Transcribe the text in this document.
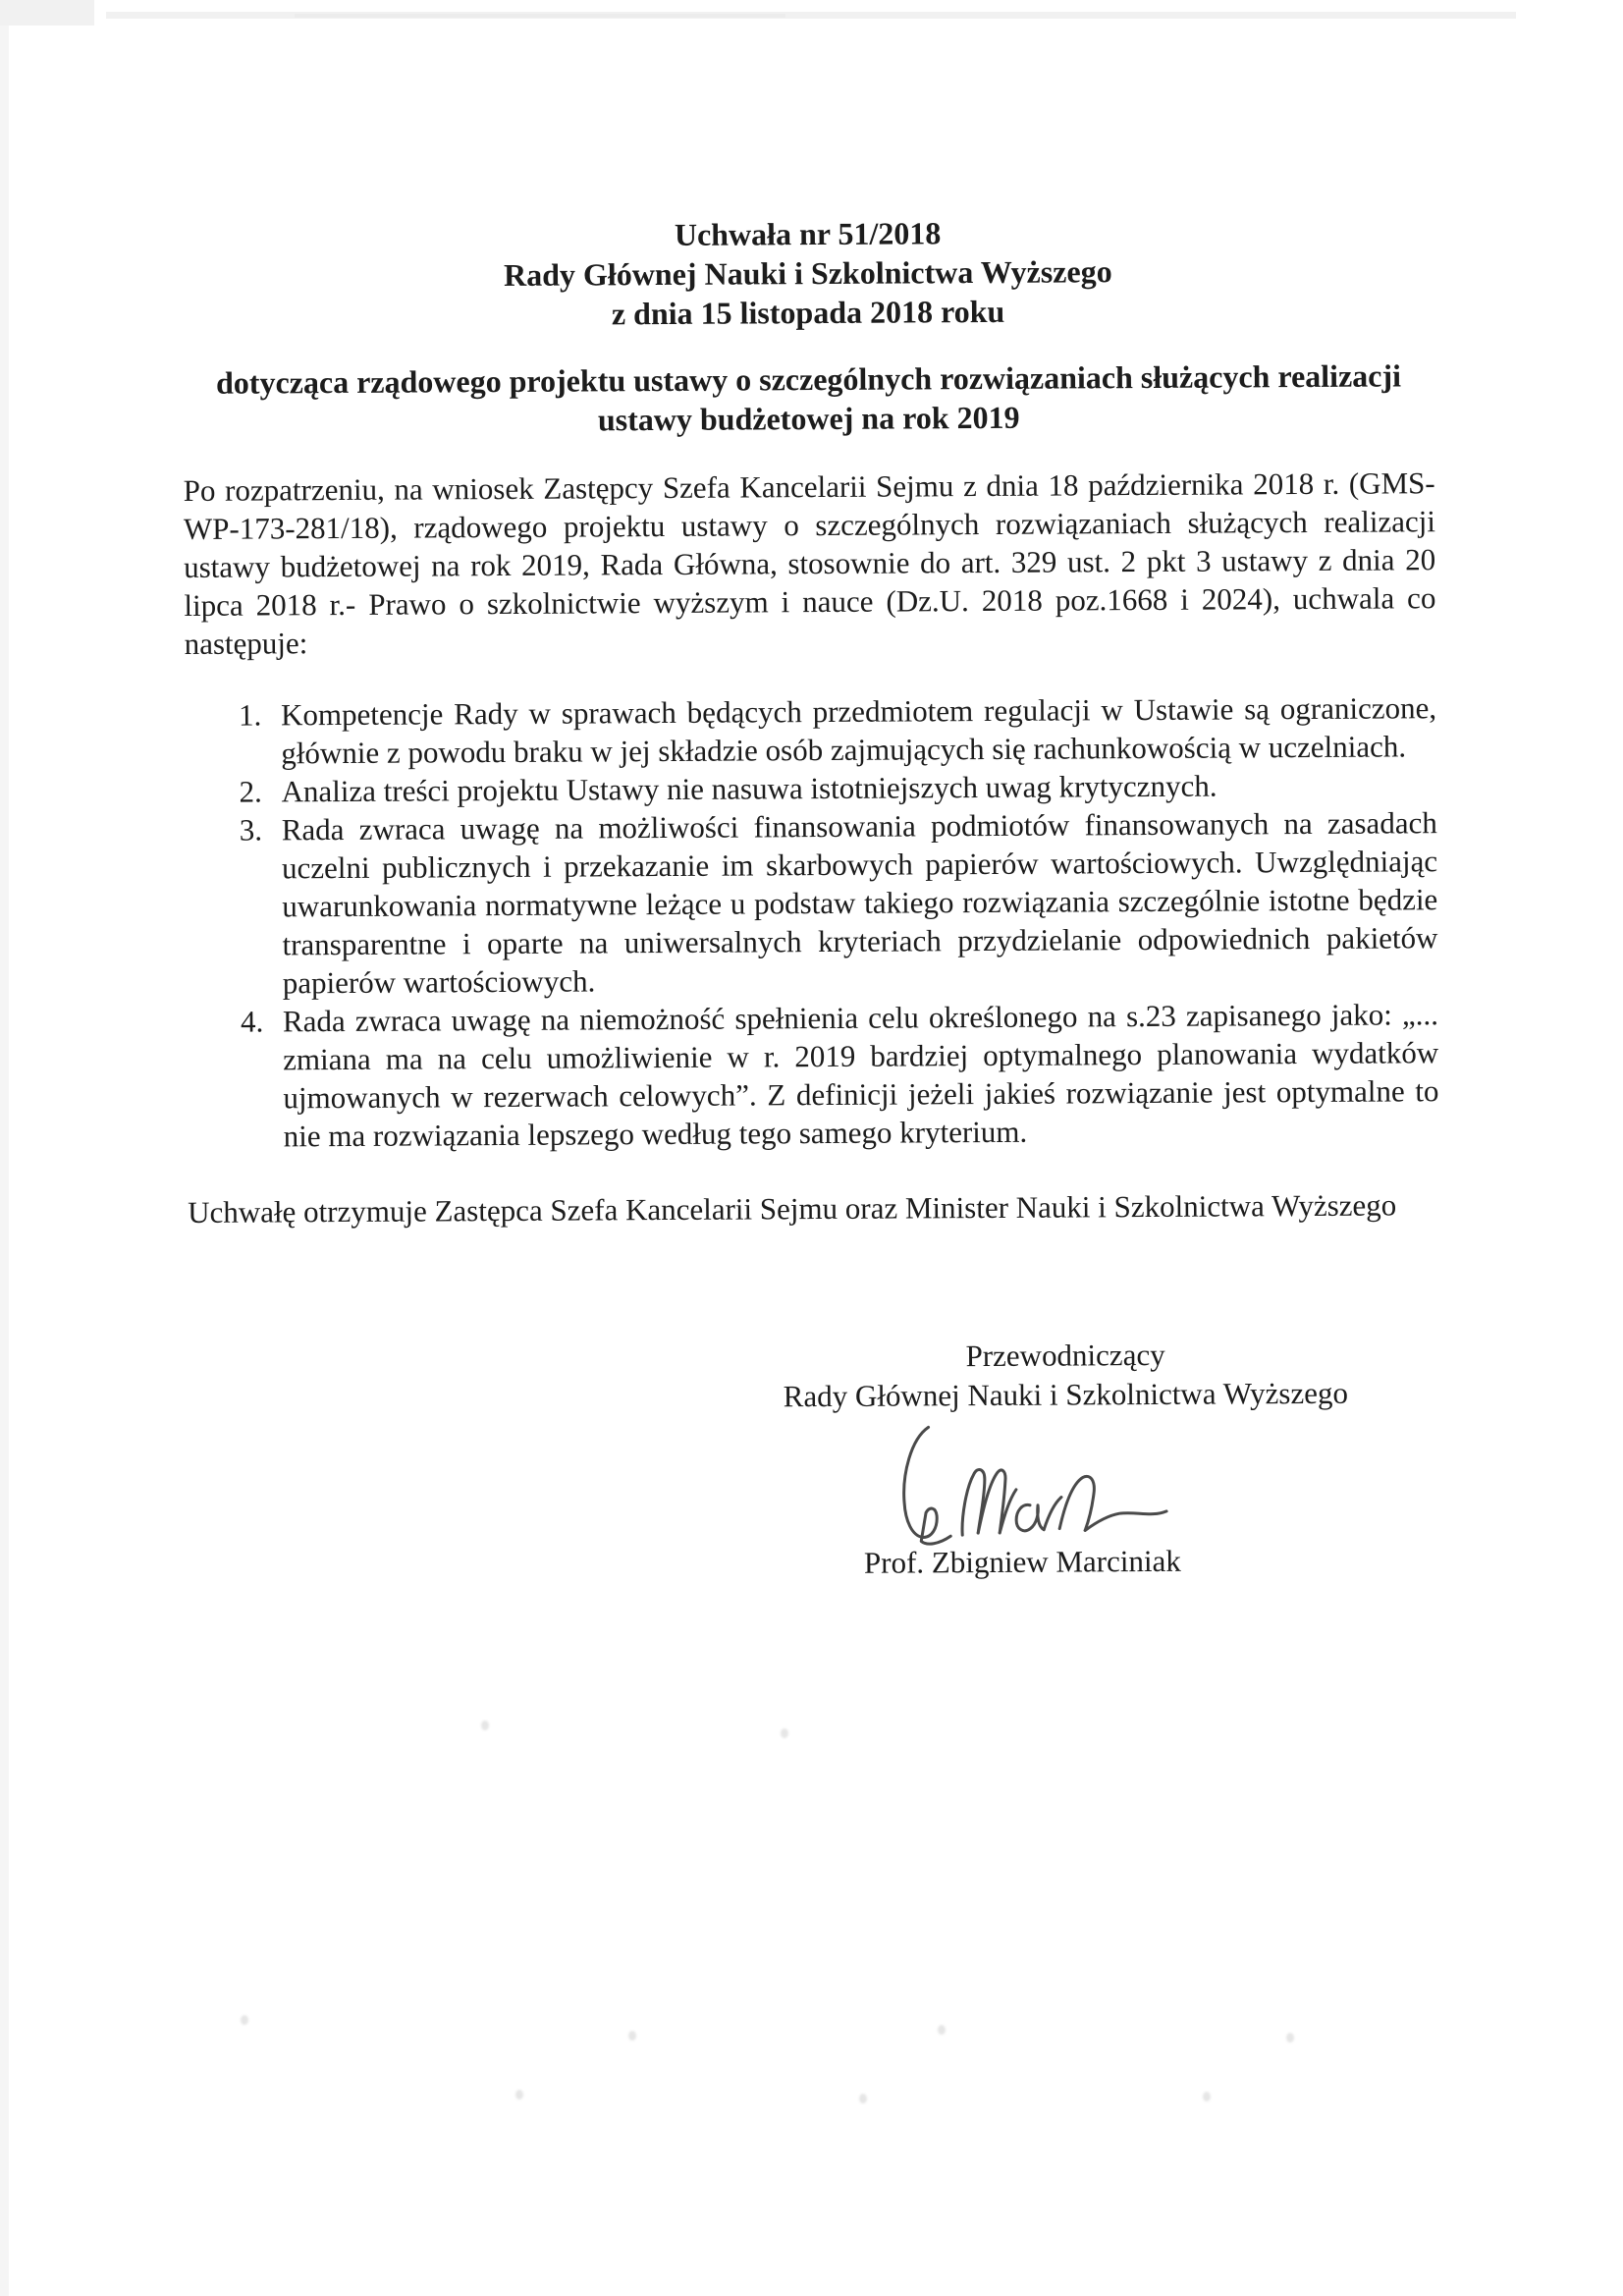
Uchwała nr 51/2018
Rady Głównej Nauki i Szkolnictwa Wyższego
z dnia 15 listopada 2018 roku
dotycząca rządowego projektu ustawy o szczególnych rozwiązaniach służących realizacji ustawy budżetowej na rok 2019

Po rozpatrzeniu, na wniosek Zastępcy Szefa Kancelarii Sejmu z dnia 18 października 2018 r. (GMS-WP-173-281/18), rządowego projektu ustawy o szczególnych rozwiązaniach służących realizacji ustawy budżetowej na rok 2019, Rada Główna, stosownie do art. 329 ust. 2 pkt 3 ustawy z dnia 20 lipca 2018 r.- Prawo o szkolnictwie wyższym i nauce (Dz.U. 2018 poz.1668 i 2024), uchwala co następuje:

1. Kompetencje Rady w sprawach będących przedmiotem regulacji w Ustawie są ograniczone, głównie z powodu braku w jej składzie osób zajmujących się rachunkowością w uczelniach.
2. Analiza treści projektu Ustawy nie nasuwa istotniejszych uwag krytycznych.
3. Rada zwraca uwagę na możliwości finansowania podmiotów finansowanych na zasadach uczelni publicznych i przekazanie im skarbowych papierów wartościowych. Uwzględniając uwarunkowania normatywne leżące u podstaw takiego rozwiązania szczególnie istotne będzie transparentne i oparte na uniwersalnych kryteriach przydzielanie odpowiednich pakietów papierów wartościowych.
4. Rada zwraca uwagę na niemożność spełnienia celu określonego na s.23 zapisanego jako: „... zmiana ma na celu umożliwienie w r. 2019 bardziej optymalnego planowania wydatków ujmowanych w rezerwach celowych”. Z definicji jeżeli jakieś rozwiązanie jest optymalne to nie ma rozwiązania lepszego według tego samego kryterium.

Uchwałę otrzymuje Zastępca Szefa Kancelarii Sejmu oraz Minister Nauki i Szkolnictwa Wyższego

Przewodniczący
Rady Głównej Nauki i Szkolnictwa Wyższego
Prof. Zbigniew Marciniak
